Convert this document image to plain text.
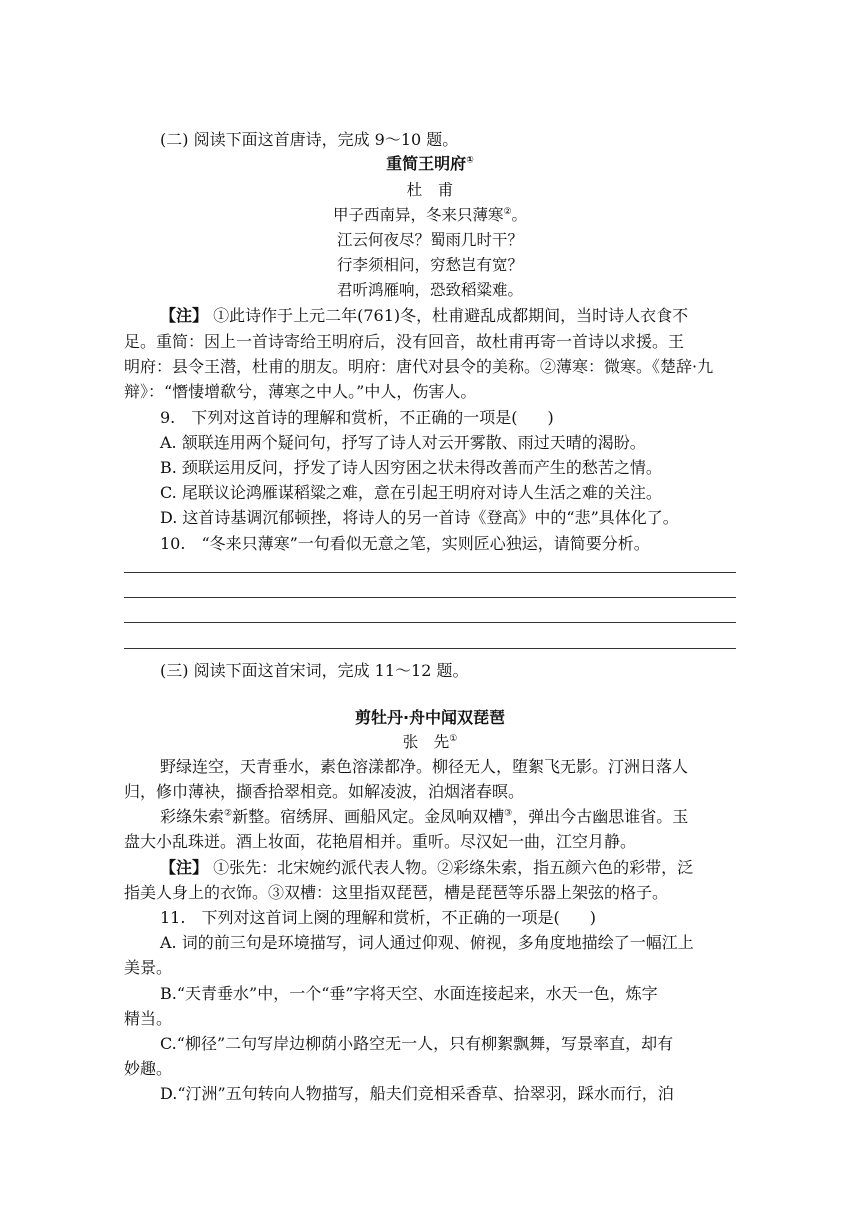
(二) 阅读下面这首唐诗，完成 9～10 题。
重简王明府①
杜　甫
甲子西南异，冬来只薄寒②。
江云何夜尽？蜀雨几时干？
行李须相问，穷愁岂有宽？
君听鸿雁响，恐致稻粱难。
【注】 ①此诗作于上元二年(761)冬，杜甫避乱成都期间，当时诗人衣食不
足。重简：因上一首诗寄给王明府后，没有回音，故杜甫再寄一首诗以求援。王
明府：县令王潜，杜甫的朋友。明府：唐代对县令的美称。②薄寒：微寒。《楚辞·九
辩》：“憯悽增欷兮，薄寒之中人。”中人，伤害人。
9.　下列对这首诗的理解和赏析，不正确的一项是( )
A. 颔联连用两个疑问句，抒写了诗人对云开雾散、雨过天晴的渴盼。
B. 颈联运用反问，抒发了诗人因穷困之状未得改善而产生的愁苦之情。
C. 尾联议论鸿雁谋稻粱之难，意在引起王明府对诗人生活之难的关注。
D. 这首诗基调沉郁顿挫，将诗人的另一首诗《登高》中的“悲”具体化了。
10.　“冬来只薄寒”一句看似无意之笔，实则匠心独运，请简要分析。
(三) 阅读下面这首宋词，完成 11～12 题。
剪牡丹·舟中闻双琵琶
张　先①
野绿连空，天青垂水，素色溶漾都净。柳径无人，堕絮飞无影。汀洲日落人
归，修巾薄袂，撷香拾翠相竞。如解凌波，泊烟渚春暝。
彩绦朱索②新整。宿绣屏、画船风定。金凤响双槽③，弹出今古幽思谁省。玉
盘大小乱珠迸。酒上妆面，花艳眉相并。重听。尽汉妃一曲，江空月静。
【注】 ①张先：北宋婉约派代表人物。②彩绦朱索，指五颜六色的彩带，泛
指美人身上的衣饰。③双槽：这里指双琵琶，槽是琵琶等乐器上架弦的格子。
11.　下列对这首词上阕的理解和赏析，不正确的一项是( )
A. 词的前三句是环境描写，词人通过仰观、俯视，多角度地描绘了一幅江上
美景。
B.“天青垂水”中，一个“垂”字将天空、水面连接起来，水天一色，炼字
精当。
C.“柳径”二句写岸边柳荫小路空无一人，只有柳絮飘舞，写景率直，却有
妙趣。
D.“汀洲”五句转向人物描写，船夫们竞相采香草、拾翠羽，踩水而行，泊
